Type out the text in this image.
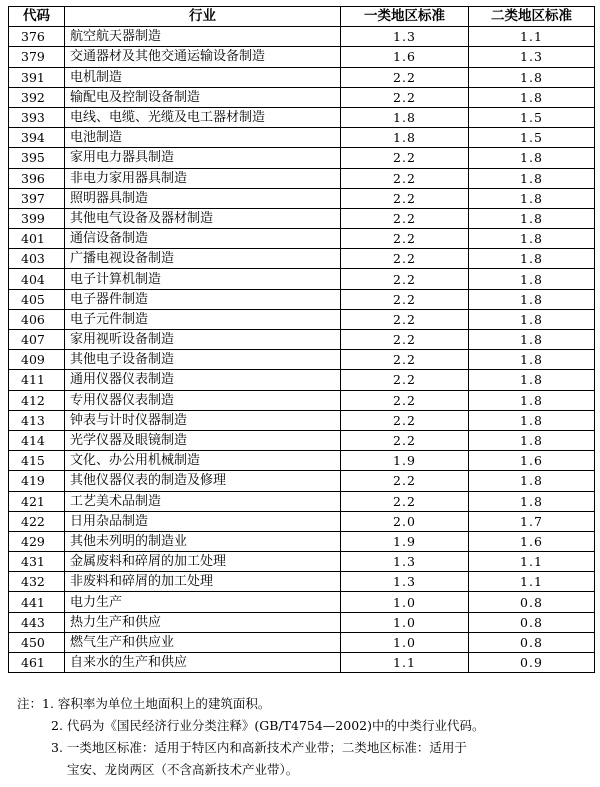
代码	行业	一类地区标准	二类地区标准
376	航空航天器制造	1.3	1.1
379	交通器材及其他交通运输设备制造	1.6	1.3
391	电机制造	2.2	1.8
392	输配电及控制设备制造	2.2	1.8
393	电线、电缆、光缆及电工器材制造	1.8	1.5
394	电池制造	1.8	1.5
395	家用电力器具制造	2.2	1.8
396	非电力家用器具制造	2.2	1.8
397	照明器具制造	2.2	1.8
399	其他电气设备及器材制造	2.2	1.8
401	通信设备制造	2.2	1.8
403	广播电视设备制造	2.2	1.8
404	电子计算机制造	2.2	1.8
405	电子器件制造	2.2	1.8
406	电子元件制造	2.2	1.8
407	家用视听设备制造	2.2	1.8
409	其他电子设备制造	2.2	1.8
411	通用仪器仪表制造	2.2	1.8
412	专用仪器仪表制造	2.2	1.8
413	钟表与计时仪器制造	2.2	1.8
414	光学仪器及眼镜制造	2.2	1.8
415	文化、办公用机械制造	1.9	1.6
419	其他仪器仪表的制造及修理	2.2	1.8
421	工艺美术品制造	2.2	1.8
422	日用杂品制造	2.0	1.7
429	其他未列明的制造业	1.9	1.6
431	金属废料和碎屑的加工处理	1.3	1.1
432	非废料和碎屑的加工处理	1.3	1.1
441	电力生产	1.0	0.8
443	热力生产和供应	1.0	0.8
450	燃气生产和供应业	1.0	0.8
461	自来水的生产和供应	1.1	0.9
注：1. 容积率为单位土地面积上的建筑面积。
2. 代码为《国民经济行业分类注释》(GB/T4754—2002)中的中类行业代码。
3. 一类地区标准：适用于特区内和高新技术产业带；二类地区标准：适用于
宝安、龙岗两区（不含高新技术产业带）。
